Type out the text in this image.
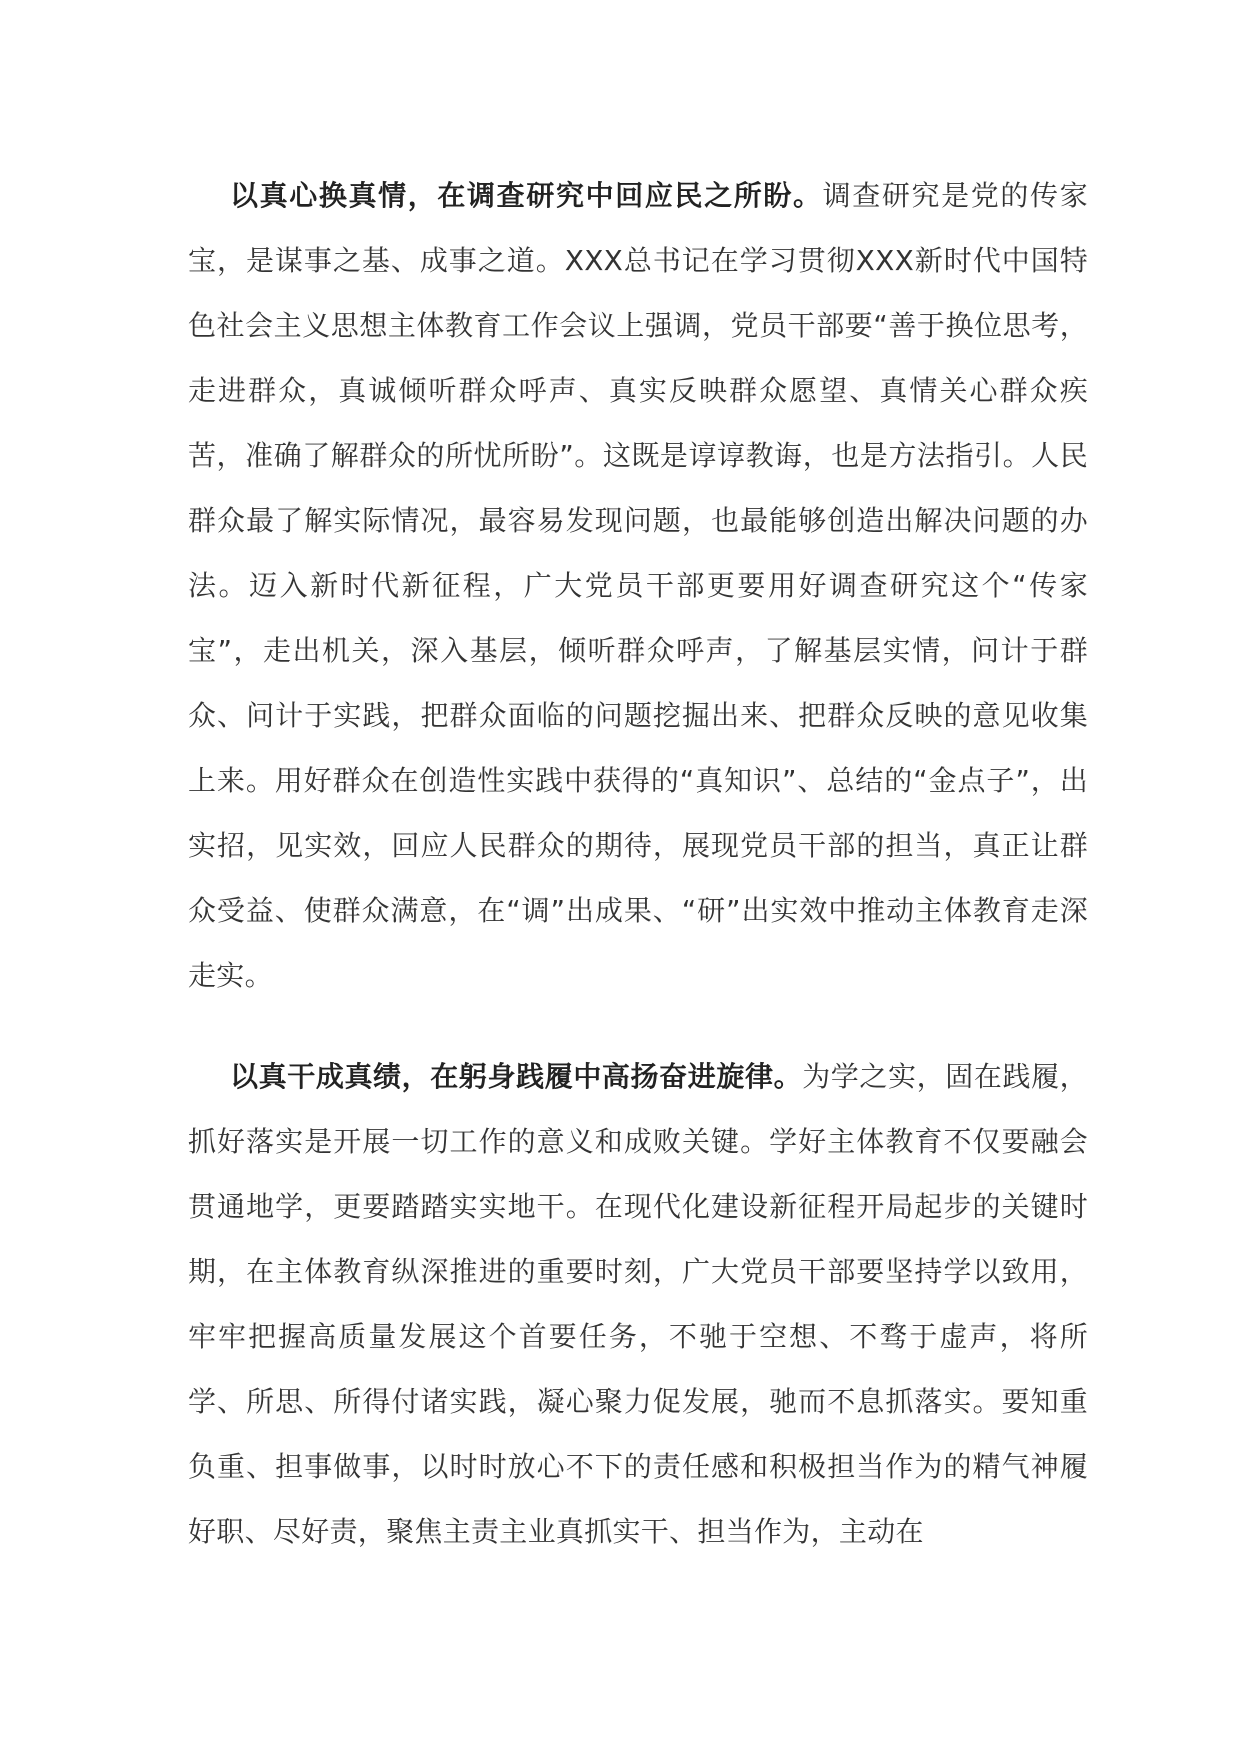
以真心换真情，在调查研究中回应民之所盼。调查研究是党的传家宝，是谋事之基、成事之道。XXX总书记在学习贯彻XXX新时代中国特色社会主义思想主体教育工作会议上强调，党员干部要“善于换位思考，走进群众，真诚倾听群众呼声、真实反映群众愿望、真情关心群众疾苦，准确了解群众的所忧所盼”。这既是谆谆教诲，也是方法指引。人民群众最了解实际情况，最容易发现问题，也最能够创造出解决问题的办法。迈入新时代新征程，广大党员干部更要用好调查研究这个“传家宝”，走出机关，深入基层，倾听群众呼声，了解基层实情，问计于群众、问计于实践，把群众面临的问题挖掘出来、把群众反映的意见收集上来。用好群众在创造性实践中获得的“真知识”、总结的“金点子”，出实招，见实效，回应人民群众的期待，展现党员干部的担当，真正让群众受益、使群众满意，在“调”出成果、“研”出实效中推动主体教育走深走实。

以真干成真绩，在躬身践履中高扬奋进旋律。为学之实，固在践履，抓好落实是开展一切工作的意义和成败关键。学好主体教育不仅要融会贯通地学，更要踏踏实实地干。在现代化建设新征程开局起步的关键时期，在主体教育纵深推进的重要时刻，广大党员干部要坚持学以致用，牢牢把握高质量发展这个首要任务，不驰于空想、不骛于虚声，将所学、所思、所得付诸实践，凝心聚力促发展，驰而不息抓落实。要知重负重、担事做事，以时时放心不下的责任感和积极担当作为的精气神履好职、尽好责，聚焦主责主业真抓实干、担当作为，主动在
